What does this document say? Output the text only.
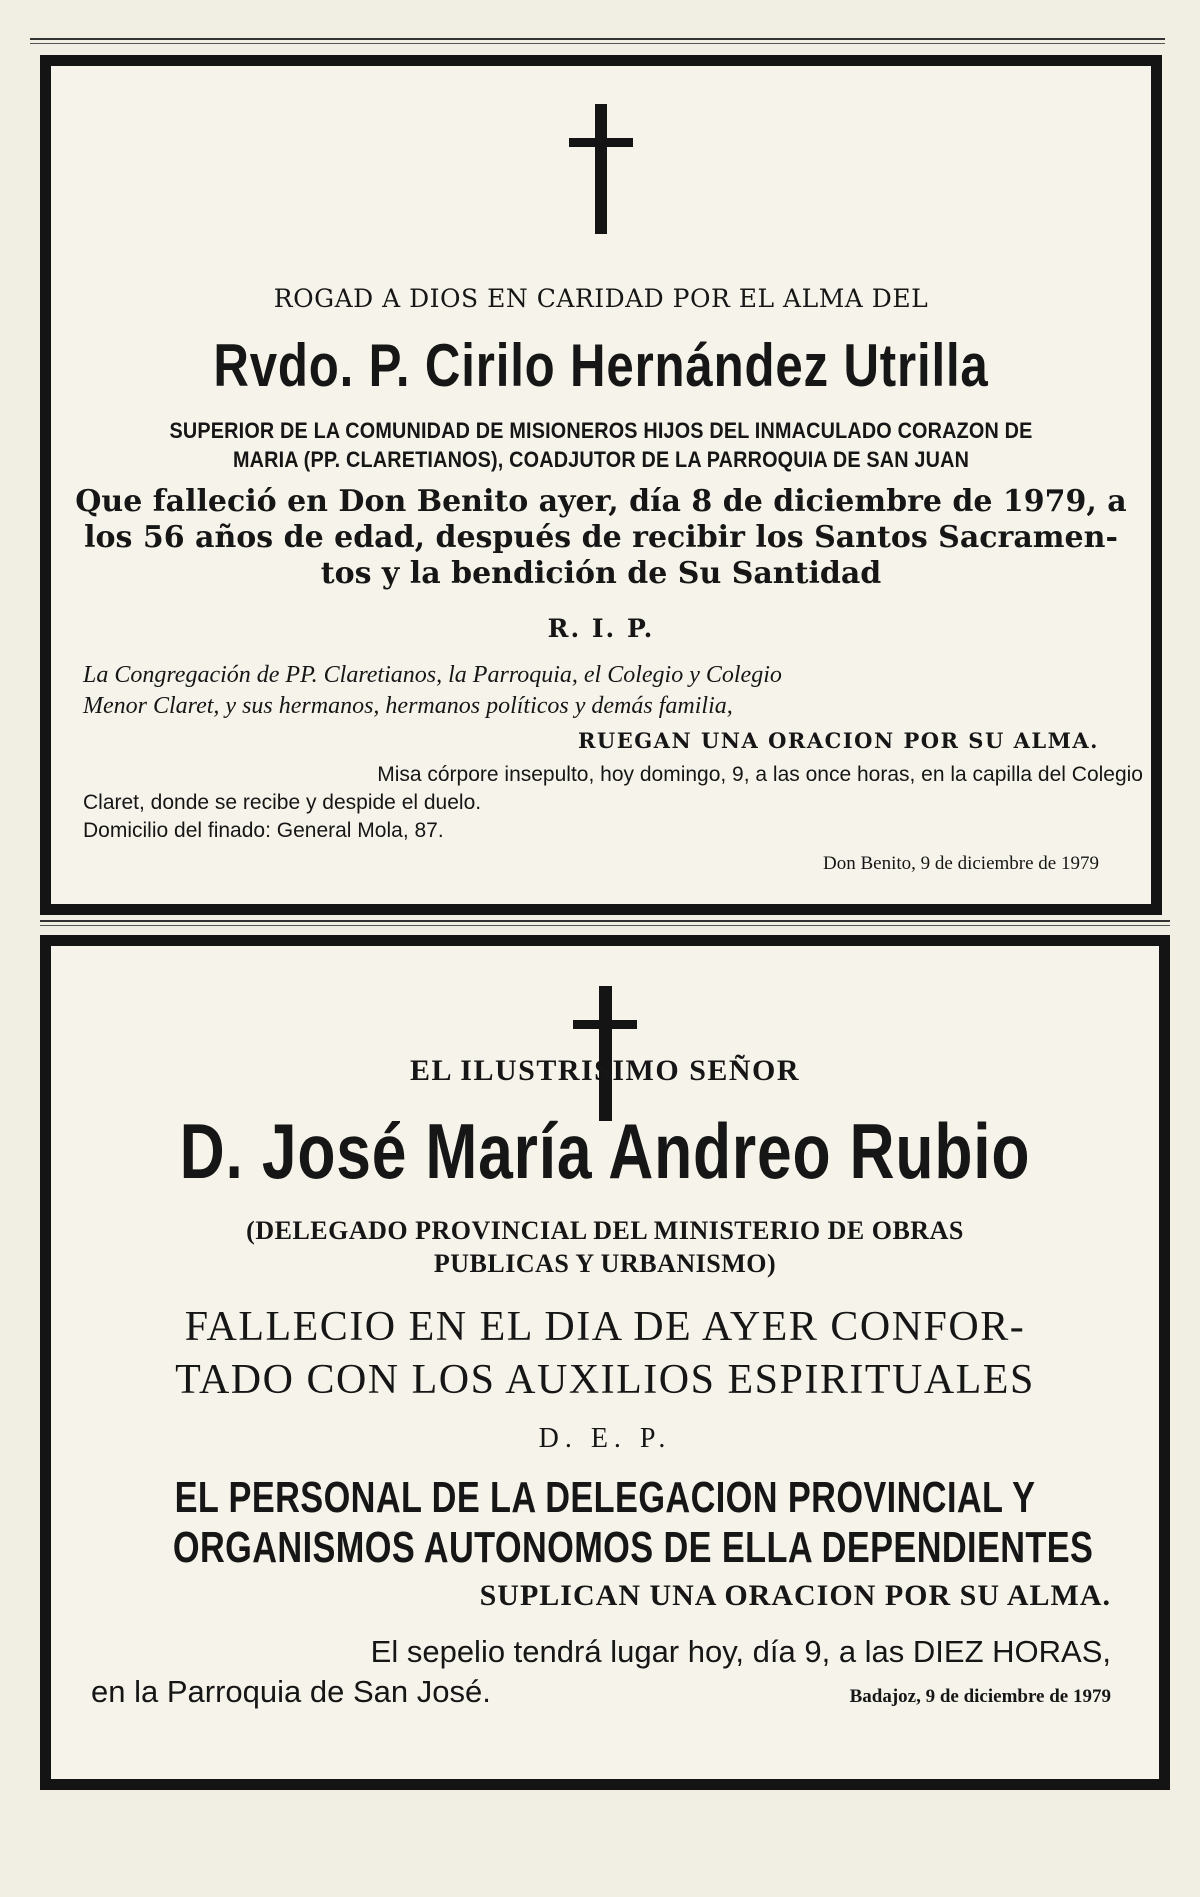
ROGAD A DIOS EN CARIDAD POR EL ALMA DEL
Rvdo. P. Cirilo Hernández Utrilla
SUPERIOR DE LA COMUNIDAD DE MISIONEROS HIJOS DEL INMACULADO CORAZON DE
MARIA (PP. CLARETIANOS), COADJUTOR DE LA PARROQUIA DE SAN JUAN
Que falleció en Don Benito ayer, día 8 de diciembre de 1979, a
los 56 años de edad, después de recibir los Santos Sacramen-
tos y la bendición de Su Santidad
R. I. P.
La Congregación de PP. Claretianos, la Parroquia, el Colegio y Colegio
Menor Claret, y sus hermanos, hermanos políticos y demás familia,
RUEGAN UNA ORACION POR SU ALMA.
Misa córpore insepulto, hoy domingo, 9, a las once horas, en la capilla del Colegio
Claret, donde se recibe y despide el duelo.
Domicilio del finado: General Mola, 87.
Don Benito, 9 de diciembre de 1979
EL ILUSTRISIMO SEÑOR
D. José María Andreo Rubio
(DELEGADO PROVINCIAL DEL MINISTERIO DE OBRAS
PUBLICAS Y URBANISMO)
FALLECIO EN EL DIA DE AYER CONFOR-
TADO CON LOS AUXILIOS ESPIRITUALES
D. E. P.
EL PERSONAL DE LA DELEGACION PROVINCIAL Y
ORGANISMOS AUTONOMOS DE ELLA DEPENDIENTES
SUPLICAN UNA ORACION POR SU ALMA.
El sepelio tendrá lugar hoy, día 9, a las DIEZ HORAS,
en la Parroquia de San José.	Badajoz, 9 de diciembre de 1979
